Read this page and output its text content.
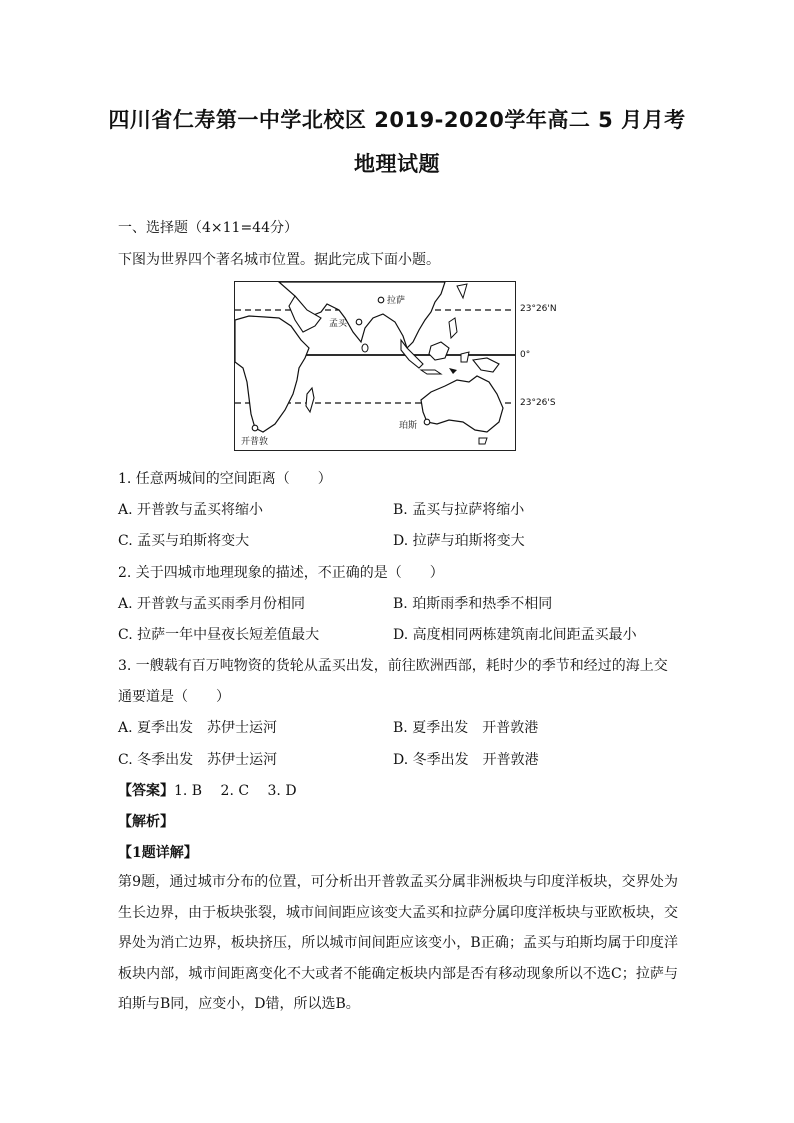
四川省仁寿第一中学北校区 2019-2020学年高二 5 月月考
地理试题
一、选择题（4×11=44分）
下图为世界四个著名城市位置。据此完成下面小题。
拉萨
孟买
开普敦
珀斯
23°26'N
0°
23°26'S
1. 任意两城间的空间距离（　　）
A. 开普敦与孟买将缩小	B. 孟买与拉萨将缩小
C. 孟买与珀斯将变大	D. 拉萨与珀斯将变大
2. 关于四城市地理现象的描述，不正确的是（　　）
A. 开普敦与孟买雨季月份相同	B. 珀斯雨季和热季不相同
C. 拉萨一年中昼夜长短差值最大	D. 高度相同两栋建筑南北间距孟买最小
3. 一艘载有百万吨物资的货轮从孟买出发，前往欧洲西部，耗时少的季节和经过的海上交
通要道是（　　）
A. 夏季出发　苏伊士运河	B. 夏季出发　开普敦港
C. 冬季出发　苏伊士运河	D. 冬季出发　开普敦港
【答案】1. B　 2. C　 3. D
【解析】
【1题详解】
第9题，通过城市分布的位置，可分析出开普敦孟买分属非洲板块与印度洋板块，交界处为生长边界，由于板块张裂，城市间间距应该变大孟买和拉萨分属印度洋板块与亚欧板块，交界处为消亡边界，板块挤压，所以城市间间距应该变小，B正确；孟买与珀斯均属于印度洋板块内部，城市间距离变化不大或者不能确定板块内部是否有移动现象所以不选C；拉萨与珀斯与B同，应变小，D错，所以选B。
